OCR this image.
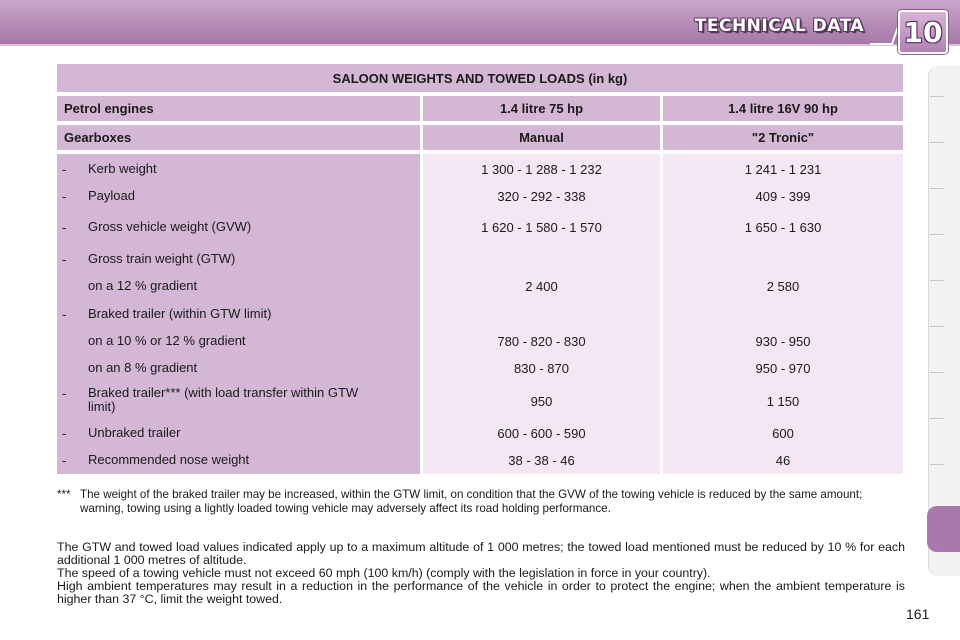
TECHNICAL DATA 10
SALOON WEIGHTS AND TOWED LOADS (in kg)
Petrol engines	1.4 litre 75 hp	1.4 litre 16V 90 hp
Gearboxes	Manual	"2 Tronic"
- Kerb weight	1 300 - 1 288 - 1 232	1 241 - 1 231
- Payload	320 - 292 - 338	409 - 399
- Gross vehicle weight (GVW)	1 620 - 1 580 - 1 570	1 650 - 1 630
- Gross train weight (GTW)
on a 12 % gradient	2 400	2 580
- Braked trailer (within GTW limit)
on a 10 % or 12 % gradient	780 - 820 - 830	930 - 950
on an 8 % gradient	830 - 870	950 - 970
- Braked trailer*** (with load transfer within GTW limit)	950	1 150
- Unbraked trailer	600 - 600 - 590	600
- Recommended nose weight	38 - 38 - 46	46
*** The weight of the braked trailer may be increased, within the GTW limit, on condition that the GVW of the towing vehicle is reduced by the same amount; warning, towing using a lightly loaded towing vehicle may adversely affect its road holding performance.

The GTW and towed load values indicated apply up to a maximum altitude of 1 000 metres; the towed load mentioned must be reduced by 10 % for each additional 1 000 metres of altitude.

The speed of a towing vehicle must not exceed 60 mph (100 km/h) (comply with the legislation in force in your country).

High ambient temperatures may result in a reduction in the performance of the vehicle in order to protect the engine; when the ambient temperature is higher than 37 °C, limit the weight towed.

161
